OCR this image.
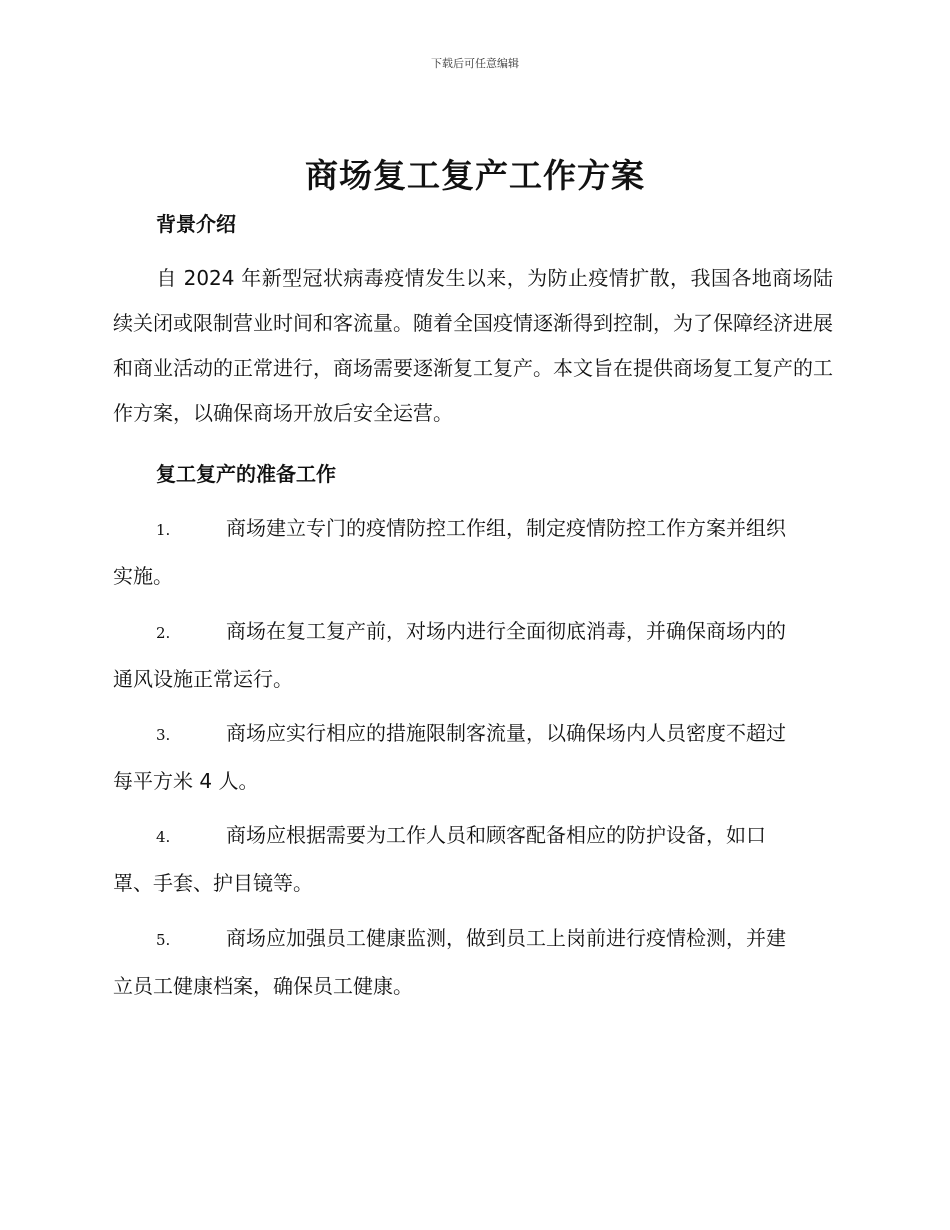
下载后可任意编辑
商场复工复产工作方案
背景介绍
自 2024 年新型冠状病毒疫情发生以来，为防止疫情扩散，我国各地商场陆续关闭或限制营业时间和客流量。随着全国疫情逐渐得到控制，为了保障经济进展和商业活动的正常进行，商场需要逐渐复工复产。本文旨在提供商场复工复产的工作方案，以确保商场开放后安全运营。
复工复产的准备工作
1.	商场建立专门的疫情防控工作组，制定疫情防控工作方案并组织
实施。
2.	商场在复工复产前，对场内进行全面彻底消毒，并确保商场内的
通风设施正常运行。
3.	商场应实行相应的措施限制客流量，以确保场内人员密度不超过
每平方米 4 人。
4.	商场应根据需要为工作人员和顾客配备相应的防护设备，如口
罩、手套、护目镜等。
5.	商场应加强员工健康监测，做到员工上岗前进行疫情检测，并建
立员工健康档案，确保员工健康。
